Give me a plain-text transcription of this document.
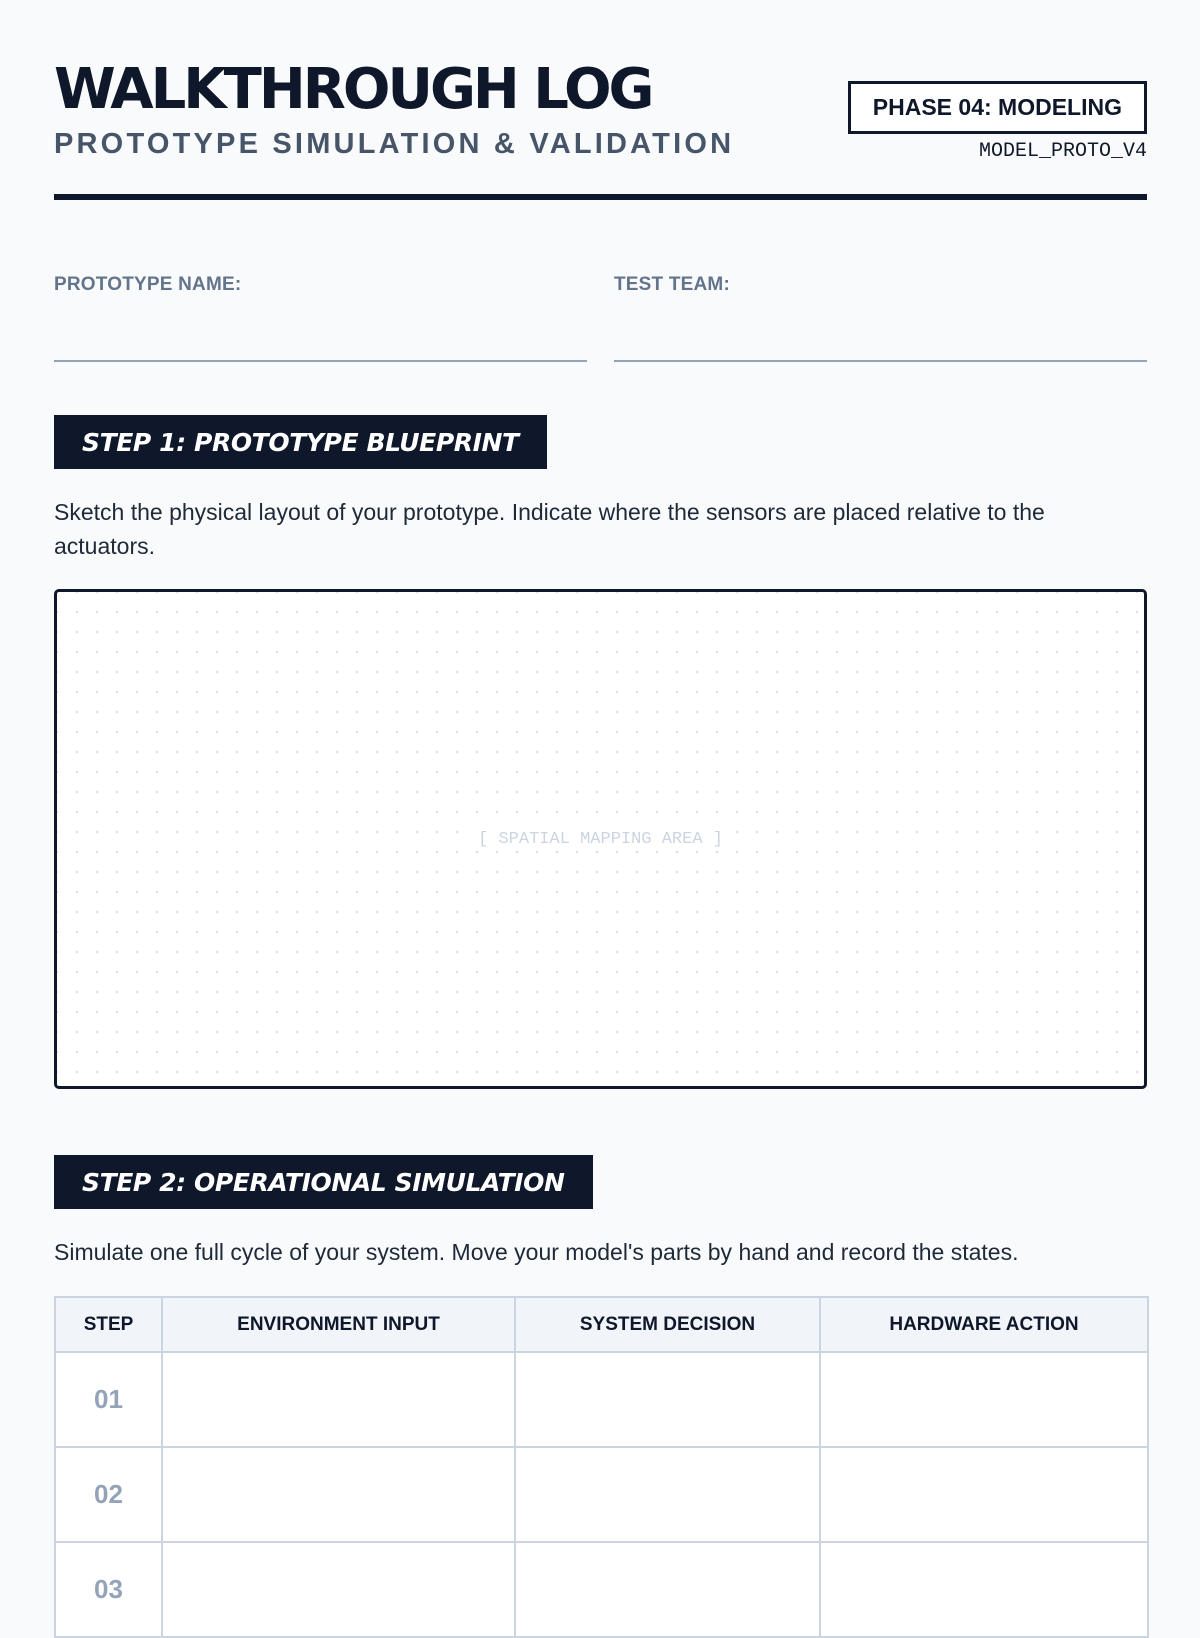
WALKTHROUGH LOG
PROTOTYPE SIMULATION & VALIDATION
PHASE 04: MODELING
MODEL_PROTO_V4
PROTOTYPE NAME:	TEST TEAM:
STEP 1: PROTOTYPE BLUEPRINT

Sketch the physical layout of your prototype. Indicate where the sensors are placed relative to the actuators.

[ SPATIAL MAPPING AREA ]
STEP 2: OPERATIONAL SIMULATION

Simulate one full cycle of your system. Move your model's parts by hand and record the states.

STEP	ENVIRONMENT INPUT	SYSTEM DECISION	HARDWARE ACTION
01			
02			
03			
